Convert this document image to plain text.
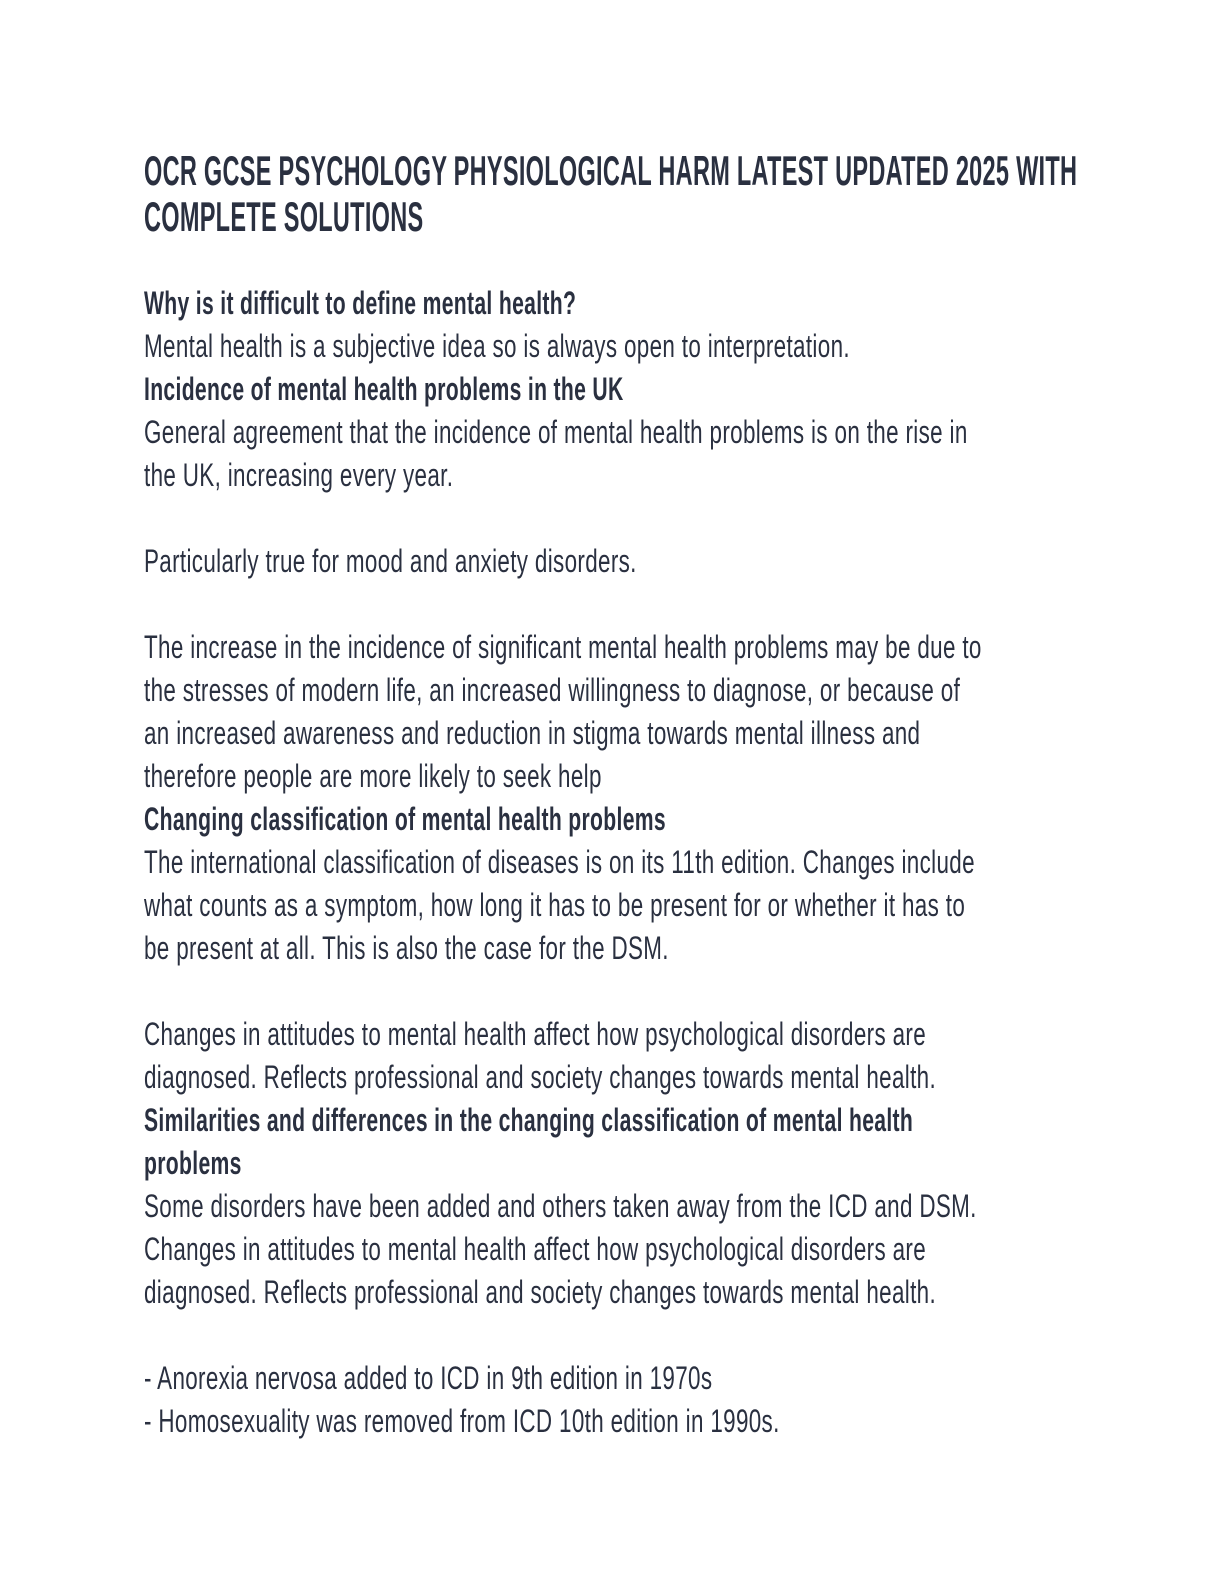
OCR GCSE PSYCHOLOGY PHYSIOLOGICAL HARM LATEST UPDATED 2025 WITH
COMPLETE SOLUTIONS
Why is it difficult to define mental health?
Mental health is a subjective idea so is always open to interpretation.
Incidence of mental health problems in the UK
General agreement that the incidence of mental health problems is on the rise in
the UK, increasing every year.
Particularly true for mood and anxiety disorders.
The increase in the incidence of significant mental health problems may be due to
the stresses of modern life, an increased willingness to diagnose, or because of
an increased awareness and reduction in stigma towards mental illness and
therefore people are more likely to seek help
Changing classification of mental health problems
The international classification of diseases is on its 11th edition. Changes include
what counts as a symptom, how long it has to be present for or whether it has to
be present at all. This is also the case for the DSM.
Changes in attitudes to mental health affect how psychological disorders are
diagnosed. Reflects professional and society changes towards mental health.
Similarities and differences in the changing classification of mental health
problems
Some disorders have been added and others taken away from the ICD and DSM.
Changes in attitudes to mental health affect how psychological disorders are
diagnosed. Reflects professional and society changes towards mental health.
- Anorexia nervosa added to ICD in 9th edition in 1970s
- Homosexuality was removed from ICD 10th edition in 1990s.
